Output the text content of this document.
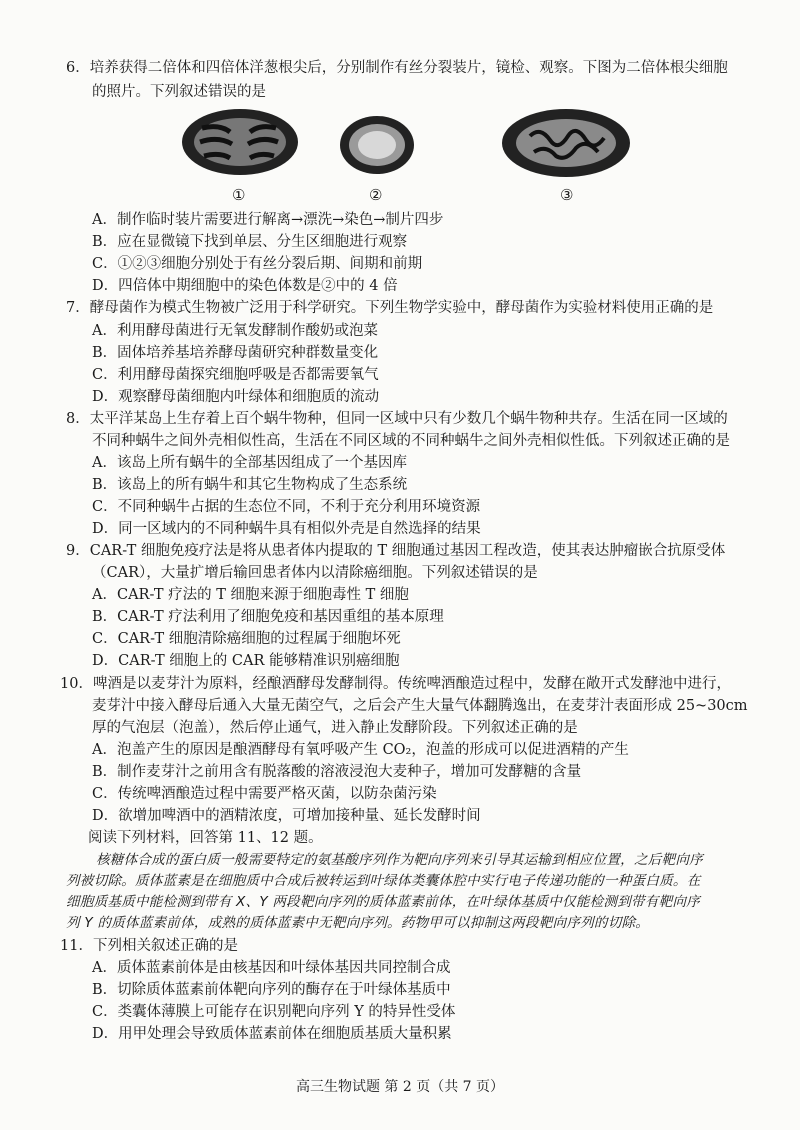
6．培养获得二倍体和四倍体洋葱根尖后，分别制作有丝分裂装片，镜检、观察。下图为二倍体根尖细胞
的照片。下列叙述错误的是
①	②	③
A．制作临时装片需要进行解离→漂洗→染色→制片四步
B．应在显微镜下找到单层、分生区细胞进行观察
C．①②③细胞分别处于有丝分裂后期、间期和前期
D．四倍体中期细胞中的染色体数是②中的 4 倍
7．酵母菌作为模式生物被广泛用于科学研究。下列生物学实验中，酵母菌作为实验材料使用正确的是
A．利用酵母菌进行无氧发酵制作酸奶或泡菜
B．固体培养基培养酵母菌研究种群数量变化
C．利用酵母菌探究细胞呼吸是否都需要氧气
D．观察酵母菌细胞内叶绿体和细胞质的流动
8．太平洋某岛上生存着上百个蜗牛物种，但同一区域中只有少数几个蜗牛物种共存。生活在同一区域的
不同种蜗牛之间外壳相似性高，生活在不同区域的不同种蜗牛之间外壳相似性低。下列叙述正确的是
A．该岛上所有蜗牛的全部基因组成了一个基因库
B．该岛上的所有蜗牛和其它生物构成了生态系统
C．不同种蜗牛占据的生态位不同，不利于充分利用环境资源
D．同一区域内的不同种蜗牛具有相似外壳是自然选择的结果
9．CAR-T 细胞免疫疗法是将从患者体内提取的 T 细胞通过基因工程改造，使其表达肿瘤嵌合抗原受体
（CAR），大量扩增后输回患者体内以清除癌细胞。下列叙述错误的是
A．CAR-T 疗法的 T 细胞来源于细胞毒性 T 细胞
B．CAR-T 疗法利用了细胞免疫和基因重组的基本原理
C．CAR-T 细胞清除癌细胞的过程属于细胞坏死
D．CAR-T 细胞上的 CAR 能够精准识别癌细胞
10．啤酒是以麦芽汁为原料，经酿酒酵母发酵制得。传统啤酒酿造过程中，发酵在敞开式发酵池中进行，
麦芽汁中接入酵母后通入大量无菌空气，之后会产生大量气体翻腾逸出，在麦芽汁表面形成 25~30cm
厚的气泡层（泡盖），然后停止通气，进入静止发酵阶段。下列叙述正确的是
A．泡盖产生的原因是酿酒酵母有氧呼吸产生 CO₂，泡盖的形成可以促进酒精的产生
B．制作麦芽汁之前用含有脱落酸的溶液浸泡大麦种子，增加可发酵糖的含量
C．传统啤酒酿造过程中需要严格灭菌，以防杂菌污染
D．欲增加啤酒中的酒精浓度，可增加接种量、延长发酵时间
阅读下列材料，回答第 11、12 题。
核糖体合成的蛋白质一般需要特定的氨基酸序列作为靶向序列来引导其运输到相应位置，之后靶向序
列被切除。质体蓝素是在细胞质中合成后被转运到叶绿体类囊体腔中实行电子传递功能的一种蛋白质。在
细胞质基质中能检测到带有 X、Y 两段靶向序列的质体蓝素前体，在叶绿体基质中仅能检测到带有靶向序
列 Y 的质体蓝素前体，成熟的质体蓝素中无靶向序列。药物甲可以抑制这两段靶向序列的切除。
11．下列相关叙述正确的是
A．质体蓝素前体是由核基因和叶绿体基因共同控制合成
B．切除质体蓝素前体靶向序列的酶存在于叶绿体基质中
C．类囊体薄膜上可能存在识别靶向序列 Y 的特异性受体
D．用甲处理会导致质体蓝素前体在细胞质基质大量积累
高三生物试题 第 2 页（共 7 页）
